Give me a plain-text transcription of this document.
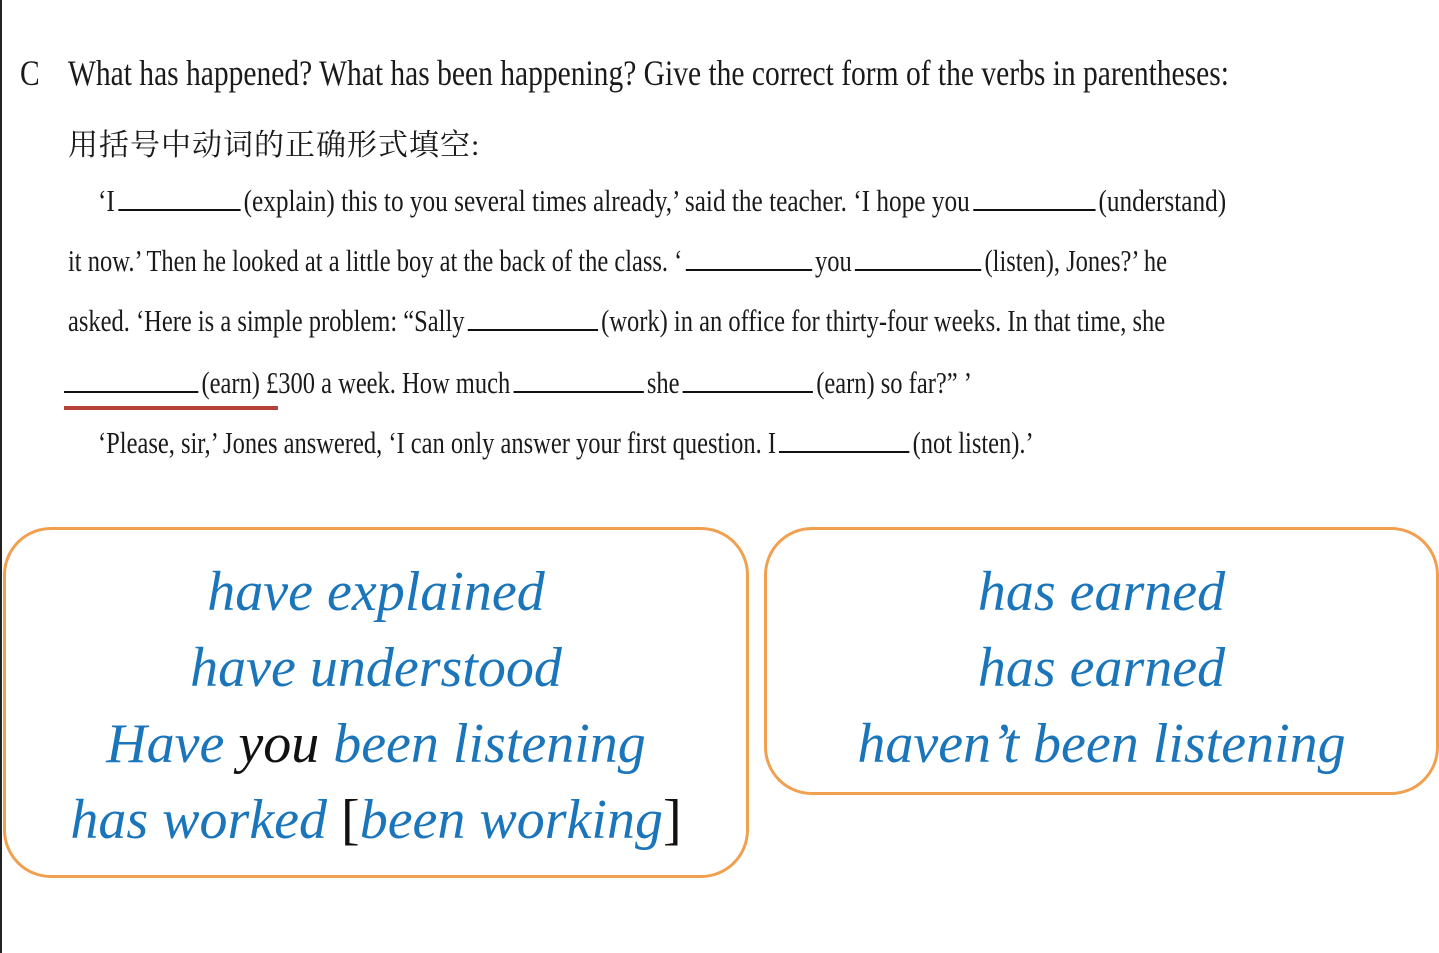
C What has happened? What has been happening? Give the correct form of the verbs in parentheses:
用括号中动词的正确形式填空:
‘I	(explain) this to you several times already,’ said the teacher. ‘I hope you	(understand)
it now.’ Then he looked at a little boy at the back of the class. ‘	you	(listen), Jones?’ he
asked. ‘Here is a simple problem: “Sally	(work) in an office for thirty-four weeks. In that time, she
(earn) £300 a week. How much	she	(earn) so far?” ’
‘Please, sir,’ Jones answered, ‘I can only answer your first question. I	(not listen).’
have explained
have understood
Have you been listening
has worked [been working]
has earned
has earned
haven’t been listening
